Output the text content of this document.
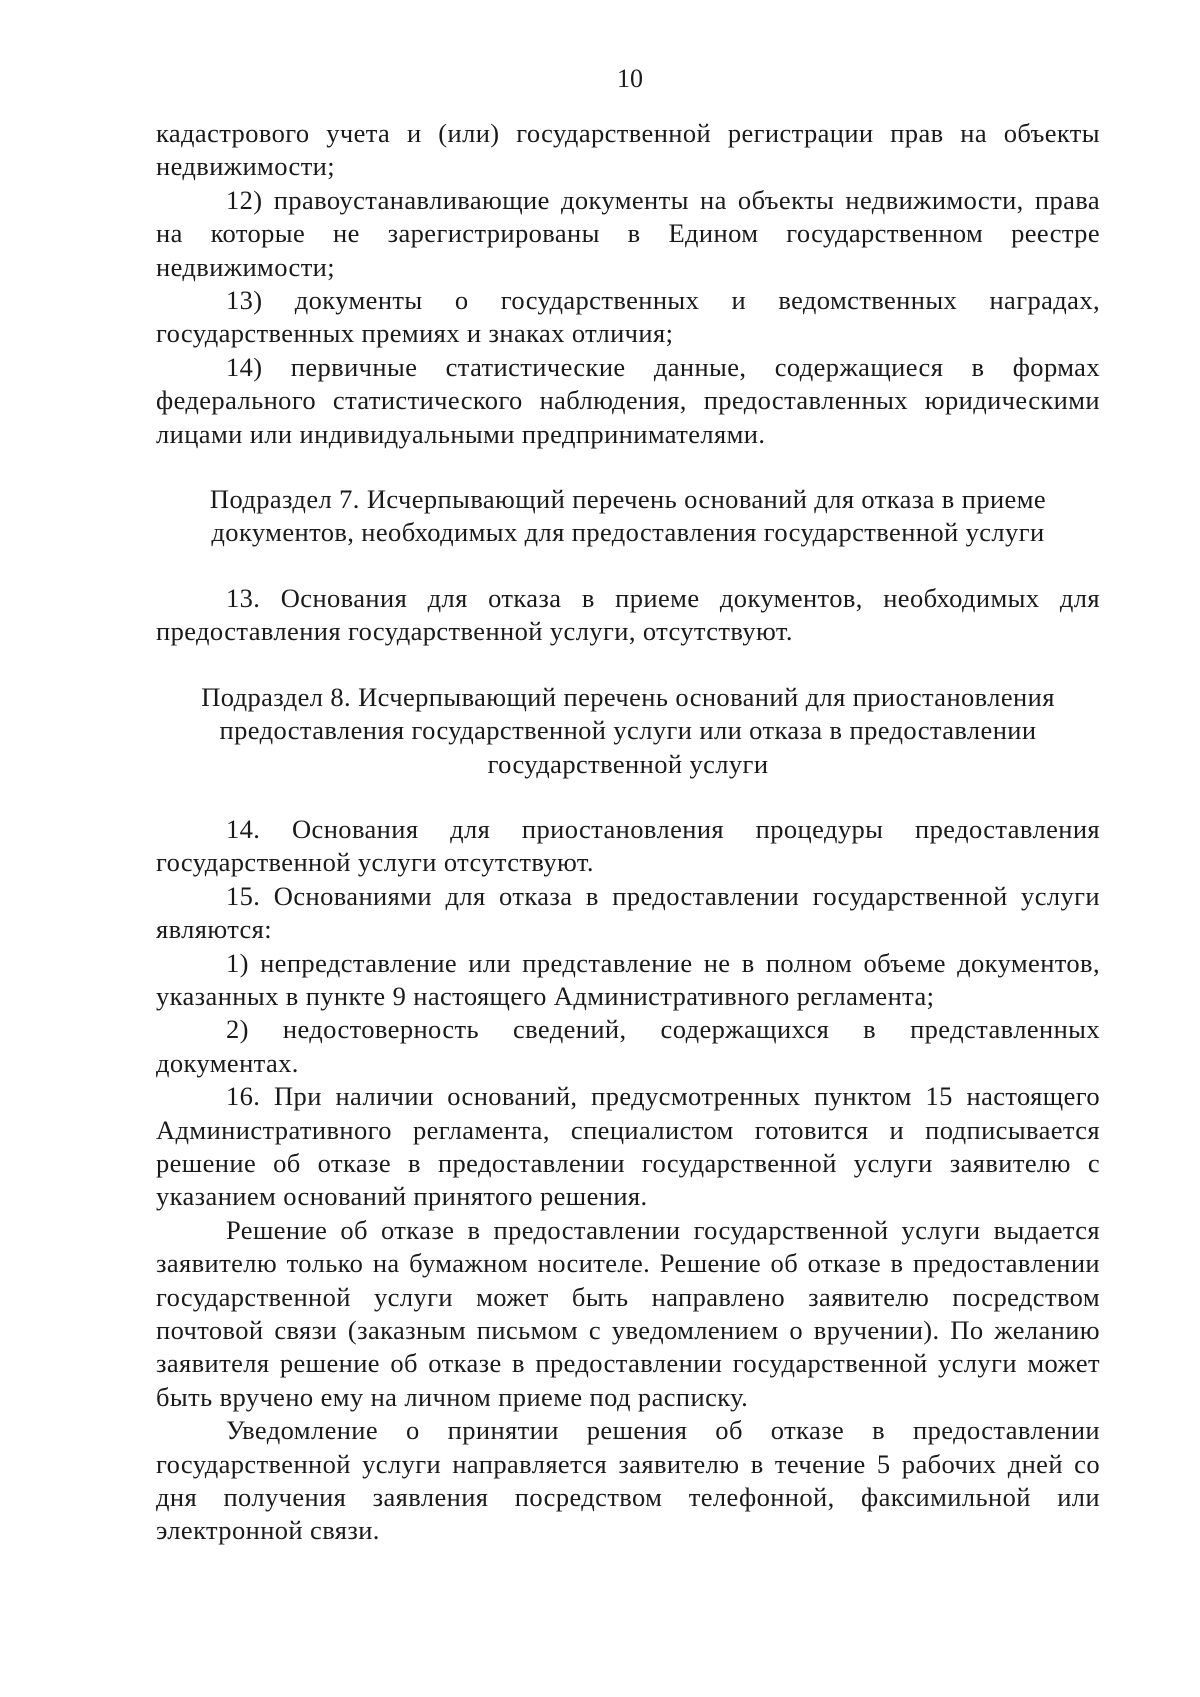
10

кадастрового учета и (или) государственной регистрации прав на объекты недвижимости;

12) правоустанавливающие документы на объекты недвижимости, права на которые не зарегистрированы в Едином государственном реестре недвижимости;

13) документы о государственных и ведомственных наградах, государственных премиях и знаках отличия;

14) первичные статистические данные, содержащиеся в формах федерального статистического наблюдения, предоставленных юридическими лицами или индивидуальными предпринимателями.

Подраздел 7. Исчерпывающий перечень оснований для отказа в приеме документов, необходимых для предоставления государственной услуги

13. Основания для отказа в приеме документов, необходимых для предоставления государственной услуги, отсутствуют.

Подраздел 8. Исчерпывающий перечень оснований для приостановления предоставления государственной услуги или отказа в предоставлении государственной услуги

14. Основания для приостановления процедуры предоставления государственной услуги отсутствуют.

15. Основаниями для отказа в предоставлении государственной услуги являются:

1) непредставление или представление не в полном объеме документов, указанных в пункте 9 настоящего Административного регламента;

2) недостоверность сведений, содержащихся в представленных документах.

16. При наличии оснований, предусмотренных пунктом 15 настоящего Административного регламента, специалистом готовится и подписывается решение об отказе в предоставлении государственной услуги заявителю с указанием оснований принятого решения.

Решение об отказе в предоставлении государственной услуги выдается заявителю только на бумажном носителе. Решение об отказе в предоставлении государственной услуги может быть направлено заявителю посредством почтовой связи (заказным письмом с уведомлением о вручении). По желанию заявителя решение об отказе в предоставлении государственной услуги может быть вручено ему на личном приеме под расписку.

Уведомление о принятии решения об отказе в предоставлении государственной услуги направляется заявителю в течение 5 рабочих дней со дня получения заявления посредством телефонной, факсимильной или электронной связи.
